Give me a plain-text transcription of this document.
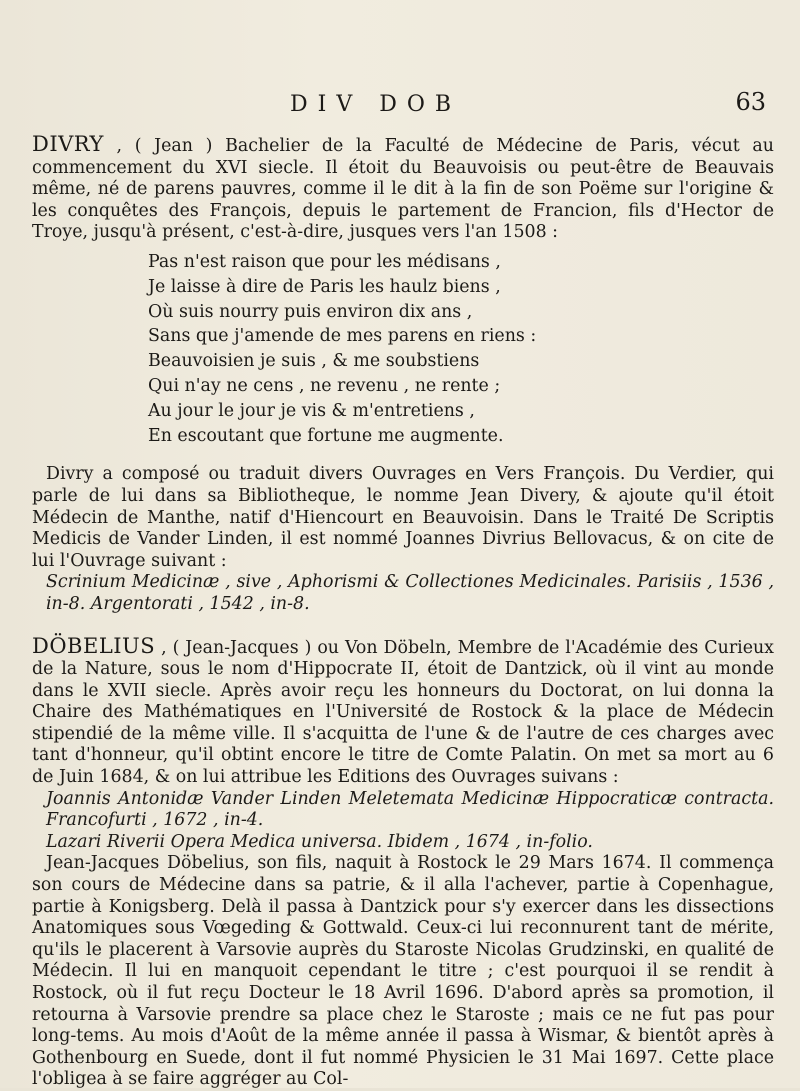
DIV DOB	63

DIVRY , ( Jean ) Bachelier de la Faculté de Médecine de Paris, vécut au commencement du XVI siecle. Il étoit du Beauvoisis ou peut-être de Beauvais même, né de parens pauvres, comme il le dit à la fin de son Poëme sur l'origine & les conquêtes des François, depuis le partement de Francion, fils d'Hector de Troye, jusqu'à présent, c'est-à-dire, jusques vers l'an 1508 :

Pas n'est raison que pour les médisans ,
Je laisse à dire de Paris les haulz biens ,
Où suis nourry puis environ dix ans ,
Sans que j'amende de mes parens en riens :
Beauvoisien je suis , & me soubstiens
Qui n'ay ne cens , ne revenu , ne rente ;
Au jour le jour je vis & m'entretiens ,
En escoutant que fortune me augmente.

Divry a composé ou traduit divers Ouvrages en Vers François. Du Verdier, qui parle de lui dans sa Bibliotheque, le nomme Jean Divery, & ajoute qu'il étoit Médecin de Manthe, natif d'Hiencourt en Beauvoisin. Dans le Traité De Scriptis Medicis de Vander Linden, il est nommé Joannes Divrius Bellovacus, & on cite de lui l'Ouvrage suivant :

Scrinium Medicinæ , sive , Aphorismi & Collectiones Medicinales. Parisiis , 1536 , in-8. Argentorati , 1542 , in-8.

DÖBELIUS , ( Jean-Jacques ) ou Von Döbeln, Membre de l'Académie des Curieux de la Nature, sous le nom d'Hippocrate II, étoit de Dantzick, où il vint au monde dans le XVII siecle. Après avoir reçu les honneurs du Doctorat, on lui donna la Chaire des Mathématiques en l'Université de Rostock & la place de Médecin stipendié de la même ville. Il s'acquitta de l'une & de l'autre de ces charges avec tant d'honneur, qu'il obtint encore le titre de Comte Palatin. On met sa mort au 6 de Juin 1684, & on lui attribue les Editions des Ouvrages suivans :

Joannis Antonidæ Vander Linden Meletemata Medicinæ Hippocraticæ contracta. Francofurti , 1672 , in-4.

Lazari Riverii Opera Medica universa. Ibidem , 1674 , in-folio.

Jean-Jacques Döbelius, son fils, naquit à Rostock le 29 Mars 1674. Il commença son cours de Médecine dans sa patrie, & il alla l'achever, partie à Copenhague, partie à Konigsberg. Delà il passa à Dantzick pour s'y exercer dans les dissections Anatomiques sous Vœgeding & Gottwald. Ceux-ci lui reconnurent tant de mérite, qu'ils le placerent à Varsovie auprès du Staroste Nicolas Grudzinski, en qualité de Médecin. Il lui en manquoit cependant le titre ; c'est pourquoi il se rendit à Rostock, où il fut reçu Docteur le 18 Avril 1696. D'abord après sa promotion, il retourna à Varsovie prendre sa place chez le Staroste ; mais ce ne fut pas pour long-tems. Au mois d'Août de la même année il passa à Wismar, & bientôt après à Gothenbourg en Suede, dont il fut nommé Physicien le 31 Mai 1697. Cette place l'obligea à se faire aggréger au Col-
